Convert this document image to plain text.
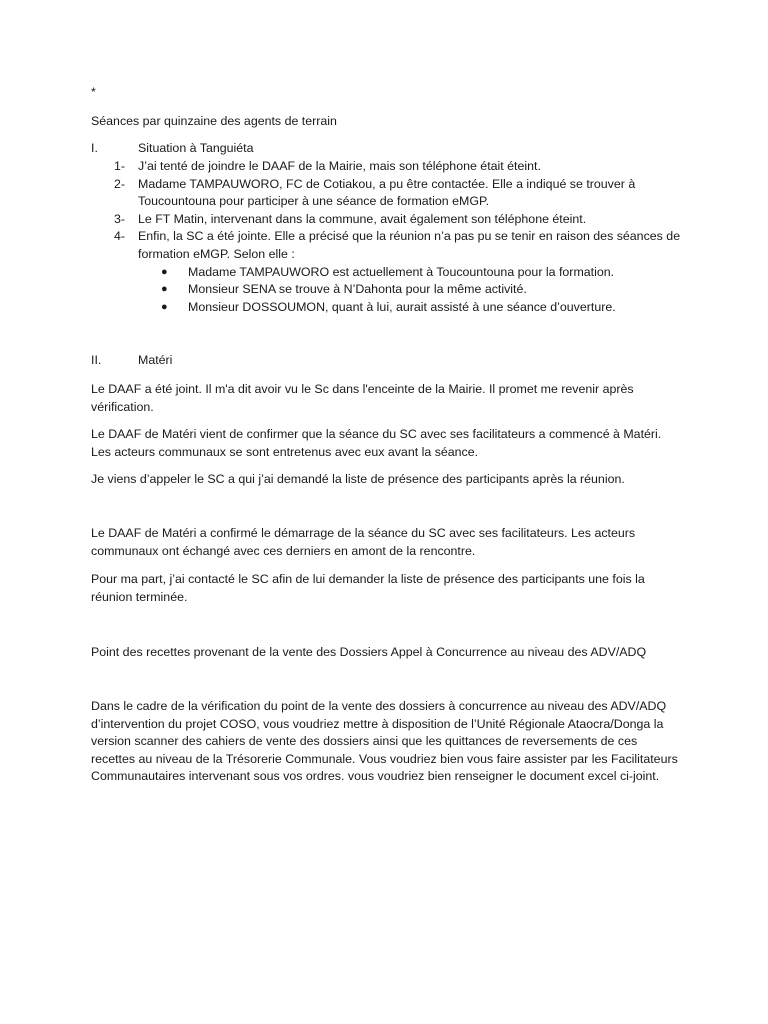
*

Séances par quinzaine des agents de terrain

I.	Situation à Tanguiéta
1-	J’ai tenté de joindre le DAAF de la Mairie, mais son téléphone était éteint.
2-	Madame TAMPAUWORO, FC de Cotiakou, a pu être contactée. Elle a indiqué se trouver à Toucountouna pour participer à une séance de formation eMGP.
3-	Le FT Matin, intervenant dans la commune, avait également son téléphone éteint.
4-	Enfin, la SC a été jointe. Elle a précisé que la réunion n’a pas pu se tenir en raison des séances de formation eMGP. Selon elle :
●	Madame TAMPAUWORO est actuellement à Toucountouna pour la formation.
●	Monsieur SENA se trouve à N’Dahonta pour la même activité.
●	Monsieur DOSSOUMON, quant à lui, aurait assisté à une séance d’ouverture.
II.	Matéri

Le DAAF a été joint. Il m'a dit avoir vu le Sc dans l'enceinte de la Mairie. Il promet me revenir après vérification.

Le DAAF de Matéri vient de confirmer que la séance du SC avec ses facilitateurs a commencé à Matéri. Les acteurs communaux se sont entretenus avec eux avant la séance.

Je viens d’appeler le SC a qui j’ai demandé la liste de présence des participants après la réunion.

Le DAAF de Matéri a confirmé le démarrage de la séance du SC avec ses facilitateurs. Les acteurs communaux ont échangé avec ces derniers en amont de la rencontre.

Pour ma part, j’ai contacté le SC afin de lui demander la liste de présence des participants une fois la réunion terminée.

Point des recettes provenant de la vente des Dossiers Appel à Concurrence au niveau des ADV/ADQ

Dans le cadre de la vérification du point de la vente des dossiers à concurrence au niveau des ADV/ADQ d’intervention du projet COSO, vous voudriez mettre à disposition de l’Unité Régionale Ataocra/Donga la version scanner des cahiers de vente des dossiers ainsi que les quittances de reversements de ces recettes au niveau de la Trésorerie Communale. Vous voudriez bien vous faire assister par les Facilitateurs Communautaires intervenant sous vos ordres. vous voudriez bien renseigner le document excel ci-joint.
